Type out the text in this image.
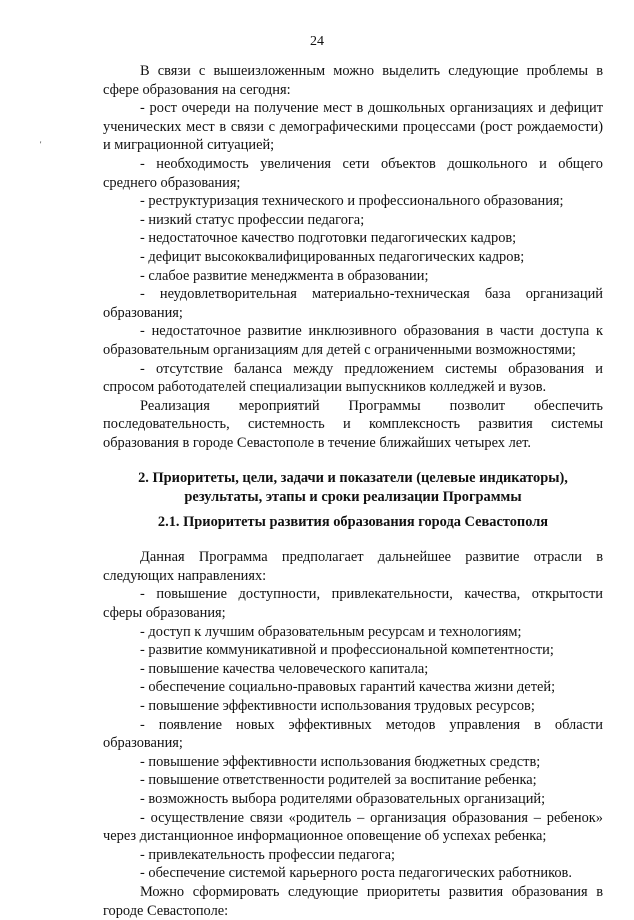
24
'

В связи с вышеизложенным можно выделить следующие проблемы в сфере образования на сегодня:

- рост очереди на получение мест в дошкольных организациях и дефицит ученических мест в связи с демографическими процессами (рост рождаемости) и миграционной ситуацией;

- необходимость увеличения сети объектов дошкольного и общего среднего образования;

- реструктуризация технического и профессионального образования;

- низкий статус профессии педагога;

- недостаточное качество подготовки педагогических кадров;

- дефицит высококвалифицированных педагогических кадров;

- слабое развитие менеджмента в образовании;

- неудовлетворительная материально-техническая база организаций образования;

- недостаточное развитие инклюзивного образования в части доступа к образовательным организациям для детей с ограниченными возможностями;

- отсутствие баланса между предложением системы образования и спросом работодателей специализации выпускников колледжей и вузов.

Реализация мероприятий Программы позволит обеспечить последовательность, системность и комплексность развития системы образования в городе Севастополе в течение ближайших четырех лет.

2. Приоритеты, цели, задачи и показатели (целевые индикаторы), результаты, этапы и сроки реализации Программы

2.1. Приоритеты развития образования города Севастополя

Данная Программа предполагает дальнейшее развитие отрасли в следующих направлениях:

- повышение доступности, привлекательности, качества, открытости сферы образования;

- доступ к лучшим образовательным ресурсам и технологиям;

- развитие коммуникативной и профессиональной компетентности;

- повышение качества человеческого капитала;

- обеспечение социально-правовых гарантий качества жизни детей;

- повышение эффективности использования трудовых ресурсов;

- появление новых эффективных методов управления в области образования;

- повышение эффективности использования бюджетных средств;

- повышение ответственности родителей за воспитание ребенка;

- возможность выбора родителями образовательных организаций;

- осуществление связи «родитель – организация образования – ребенок» через дистанционное информационное оповещение об успехах ребенка;

- привлекательность профессии педагога;

- обеспечение системой карьерного роста педагогических работников.

Можно сформировать следующие приоритеты развития образования в городе Севастополе:
